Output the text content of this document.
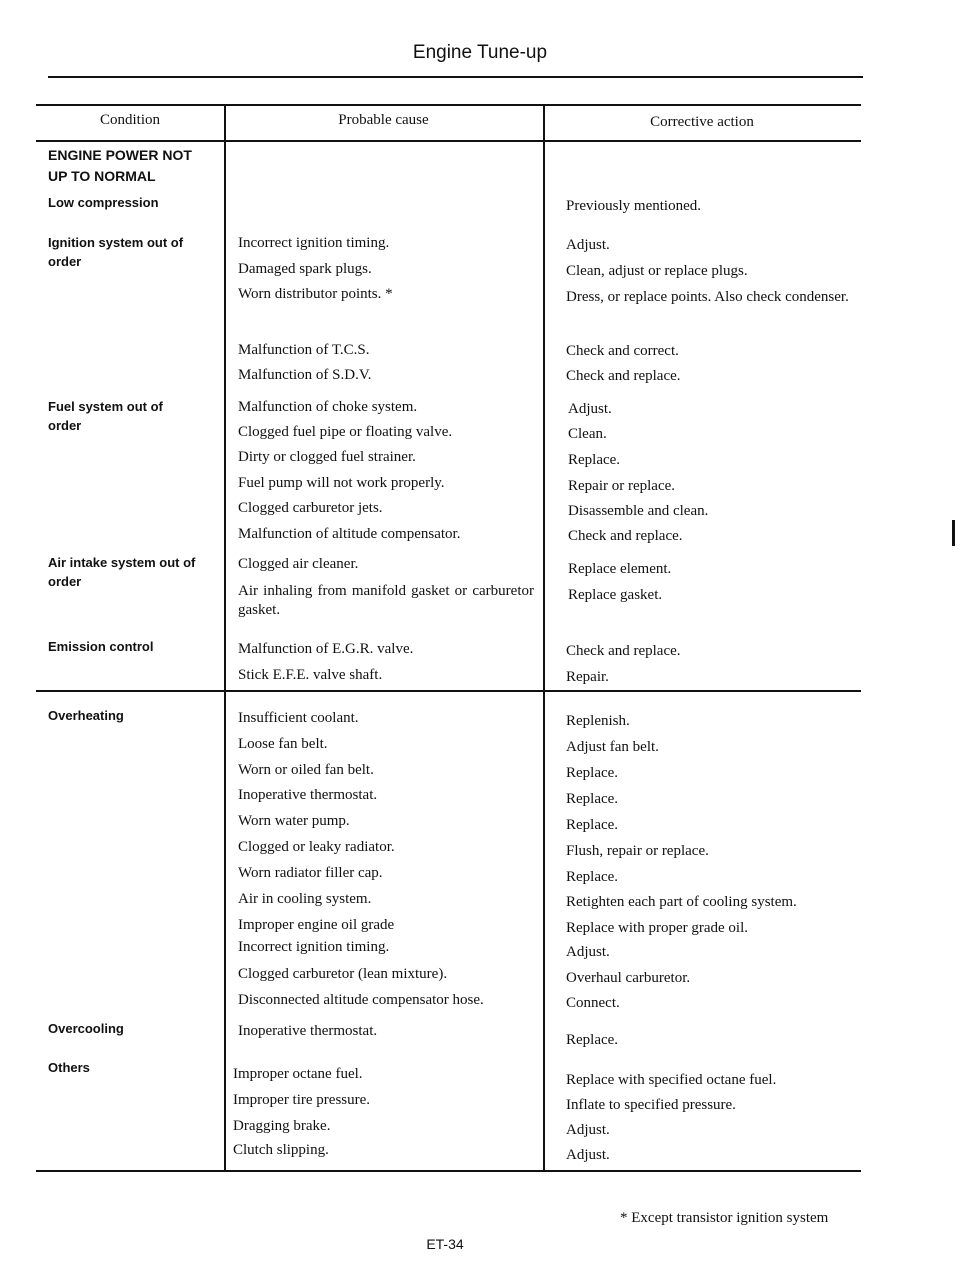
Engine Tune-up
Condition	Probable cause	Corrective action
ENGINE POWER NOT UP TO NORMAL
Low compression
Ignition system out of order
Fuel system out of order
Air intake system out of order
Emission control
Overheating
Overcooling
Others
Incorrect ignition timing.
Damaged spark plugs.
Worn distributor points. *
Malfunction of T.C.S.
Malfunction of S.D.V.
Malfunction of choke system.
Clogged fuel pipe or floating valve.
Dirty or clogged fuel strainer.
Fuel pump will not work properly.
Clogged carburetor jets.
Malfunction of altitude compensator.
Clogged air cleaner.
Air inhaling from manifold gasket or carburetor gasket.
Malfunction of E.G.R. valve.
Stick E.F.E. valve shaft.
Insufficient coolant.
Loose fan belt.
Worn or oiled fan belt.
Inoperative thermostat.
Worn water pump.
Clogged or leaky radiator.
Worn radiator filler cap.
Air in cooling system.
Improper engine oil grade
Incorrect ignition timing.
Clogged carburetor (lean mixture).
Disconnected altitude compensator hose.
Inoperative thermostat.
Improper octane fuel.
Improper tire pressure.
Dragging brake.
Clutch slipping.
Previously mentioned.
Adjust.
Clean, adjust or replace plugs.
Dress, or replace points. Also check condenser.
Check and correct.
Check and replace.
Adjust.
Clean.
Replace.
Repair or replace.
Disassemble and clean.
Check and replace.
Replace element.
Replace gasket.
Check and replace.
Repair.
Replenish.
Adjust fan belt.
Replace.
Replace.
Replace.
Flush, repair or replace.
Replace.
Retighten each part of cooling system.
Replace with proper grade oil.
Adjust.
Overhaul carburetor.
Connect.
Replace.
Replace with specified octane fuel.
Inflate to specified pressure.
Adjust.
Adjust.
* Except transistor ignition system
ET-34
